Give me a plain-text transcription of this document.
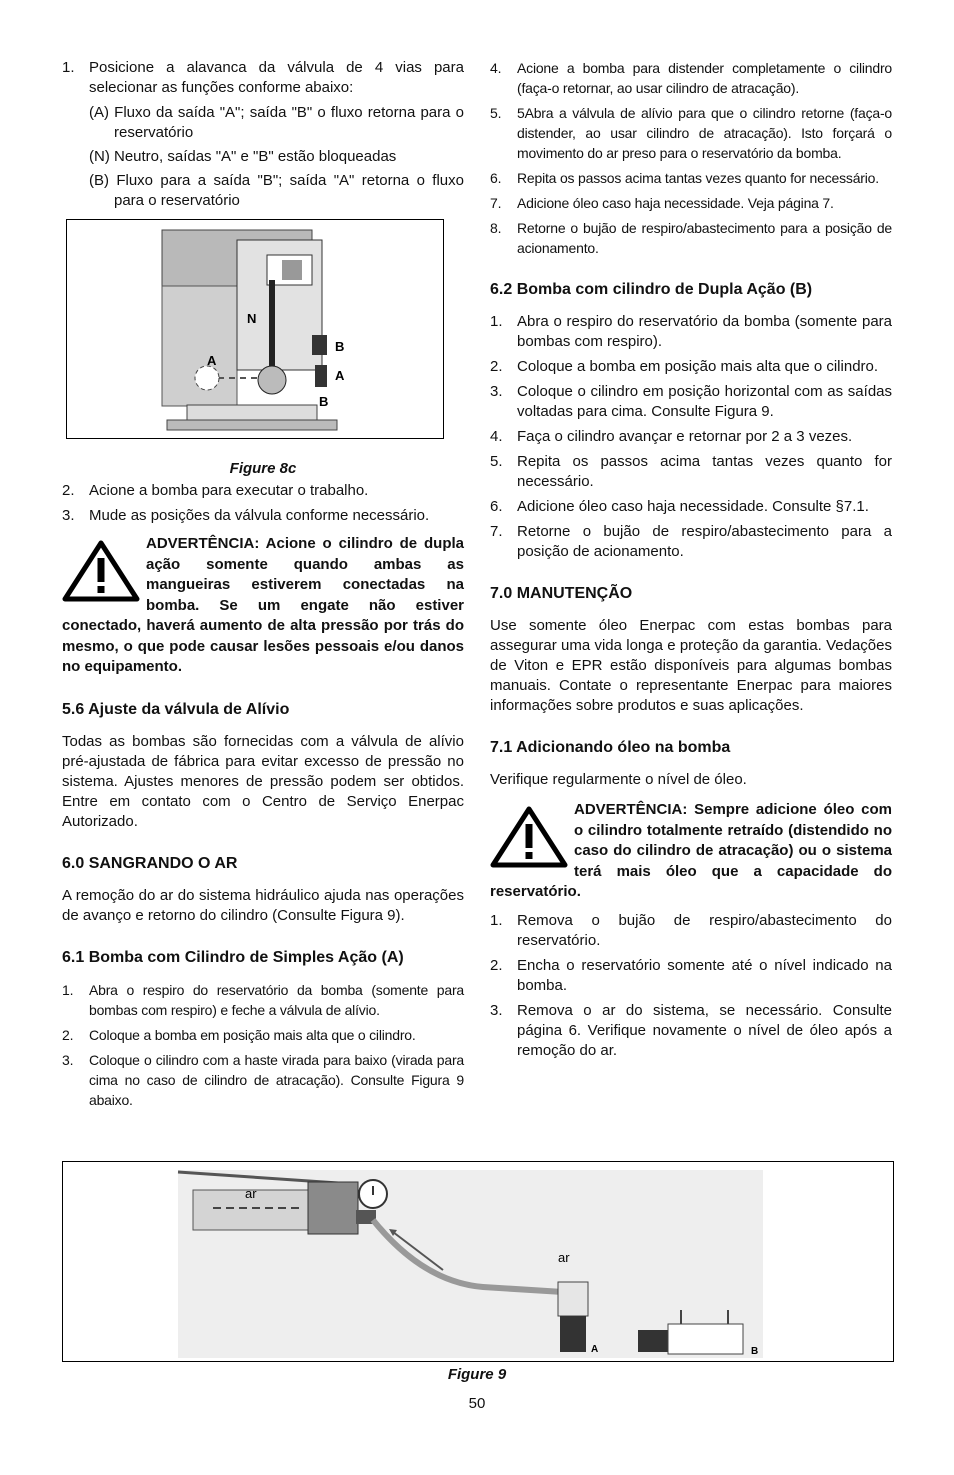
1. Posicione a alavanca da válvula de 4 vias para selecionar as funções conforme abaixo:
(A) Fluxo da saída "A"; saída "B" o fluxo retorna para o reservatório
(N) Neutro, saídas "A" e "B" estão bloqueadas
(B) Fluxo para a saída "B"; saída "A" retorna o fluxo para o reservatório
N
A
B
A
B
Figure 8c
2. Acione a bomba para executar o trabalho.
3. Mude as posições da válvula conforme necessário.
ADVERTÊNCIA: Acione o cilindro de dupla ação somente quando ambas as mangueiras estiverem conectadas na bomba. Se um engate não estiver conectado, haverá aumento de alta pressão por trás do mesmo, o que pode causar lesões pessoais e/ou danos no equipamento.
5.6 Ajuste da válvula de Alívio

Todas as bombas são fornecidas com a válvula de alívio pré-ajustada de fábrica para evitar excesso de pressão no sistema. Ajustes menores de pressão podem ser obtidos. Entre em contato com o Centro de Serviço Enerpac Autorizado.

6.0 SANGRANDO O AR

A remoção do ar do sistema hidráulico ajuda nas operações de avanço e retorno do cilindro (Consulte Figura 9).

6.1 Bomba com Cilindro de Simples Ação (A)
1. Abra o respiro do reservatório da bomba (somente para bombas com respiro) e feche a válvula de alívio.
2. Coloque a bomba em posição mais alta que o cilindro.
3. Coloque o cilindro com a haste virada para baixo (virada para cima no caso de cilindro de atracação). Consulte Figura 9 abaixo.
4. Acione a bomba para distender completamente o cilindro (faça-o retornar, ao usar cilindro de atracação).
5. 5Abra a válvula de alívio para que o cilindro retorne (faça-o distender, ao usar cilindro de atracação). Isto forçará o movimento do ar preso para o reservatório da bomba.
6. Repita os passos acima tantas vezes quanto for necessário.
7. Adicione óleo caso haja necessidade. Veja página 7.
8. Retorne o bujão de respiro/abastecimento para a posição de acionamento.
6.2 Bomba com cilindro de Dupla Ação (B)
1. Abra o respiro do reservatório da bomba (somente para bombas com respiro).
2. Coloque a bomba em posição mais alta que o cilindro.
3. Coloque o cilindro em posição horizontal com as saídas voltadas para cima. Consulte Figura 9.
4. Faça o cilindro avançar e retornar por 2 a 3 vezes.
5. Repita os passos acima tantas vezes quanto for necessário.
6. Adicione óleo caso haja necessidade. Consulte §7.1.
7. Retorne o bujão de respiro/abastecimento para a posição de acionamento.
7.0 MANUTENÇÃO

Use somente óleo Enerpac com estas bombas para assegurar uma vida longa e proteção da garantia. Vedações de Viton e EPR estão disponíveis para algumas bombas manuais. Contate o representante Enerpac para maiores informações sobre produtos e suas aplicações.

7.1 Adicionando óleo na bomba

Verifique regularmente o nível de óleo.

ADVERTÊNCIA: Sempre adicione óleo com o cilindro totalmente retraído (distendido no caso do cilindro de atracação) ou o sistema terá mais óleo que a capacidade do reservatório.
1. Remova o bujão de respiro/abastecimento do reservatório.
2. Encha o reservatório somente até o nível indicado na bomba.
3. Remova o ar do sistema, se necessário. Consulte página 6. Verifique novamente o nível de óleo após a remoção do ar.
ar
ar
A	B
Figure 9
50
